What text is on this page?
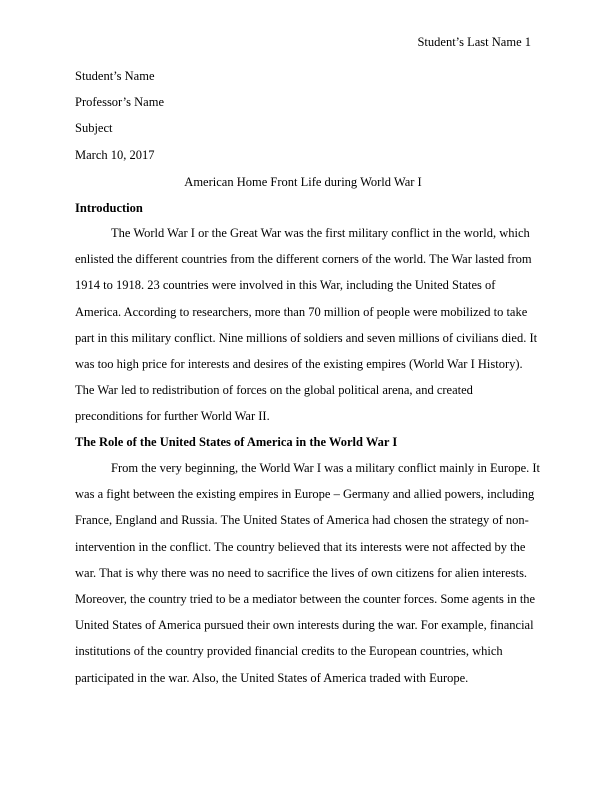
Student’s Last Name 1
Student’s Name
Professor’s Name
Subject
March 10, 2017
American Home Front Life during World War I
Introduction
The World War I or the Great War was the first military conflict in the world, which
enlisted the different countries from the different corners of the world. The War lasted from
1914 to 1918. 23 countries were involved in this War, including the United States of
America. According to researchers, more than 70 million of people were mobilized to take
part in this military conflict. Nine millions of soldiers and seven millions of civilians died. It
was too high price for interests and desires of the existing empires (World War I History).
The War led to redistribution of forces on the global political arena, and created
preconditions for further World War II.
The Role of the United States of America in the World War I
From the very beginning, the World War I was a military conflict mainly in Europe. It
was a fight between the existing empires in Europe – Germany and allied powers, including
France, England and Russia. The United States of America had chosen the strategy of non-
intervention in the conflict. The country believed that its interests were not affected by the
war. That is why there was no need to sacrifice the lives of own citizens for alien interests.
Moreover, the country tried to be a mediator between the counter forces. Some agents in the
United States of America pursued their own interests during the war. For example, financial
institutions of the country provided financial credits to the European countries, which
participated in the war. Also, the United States of America traded with Europe.
